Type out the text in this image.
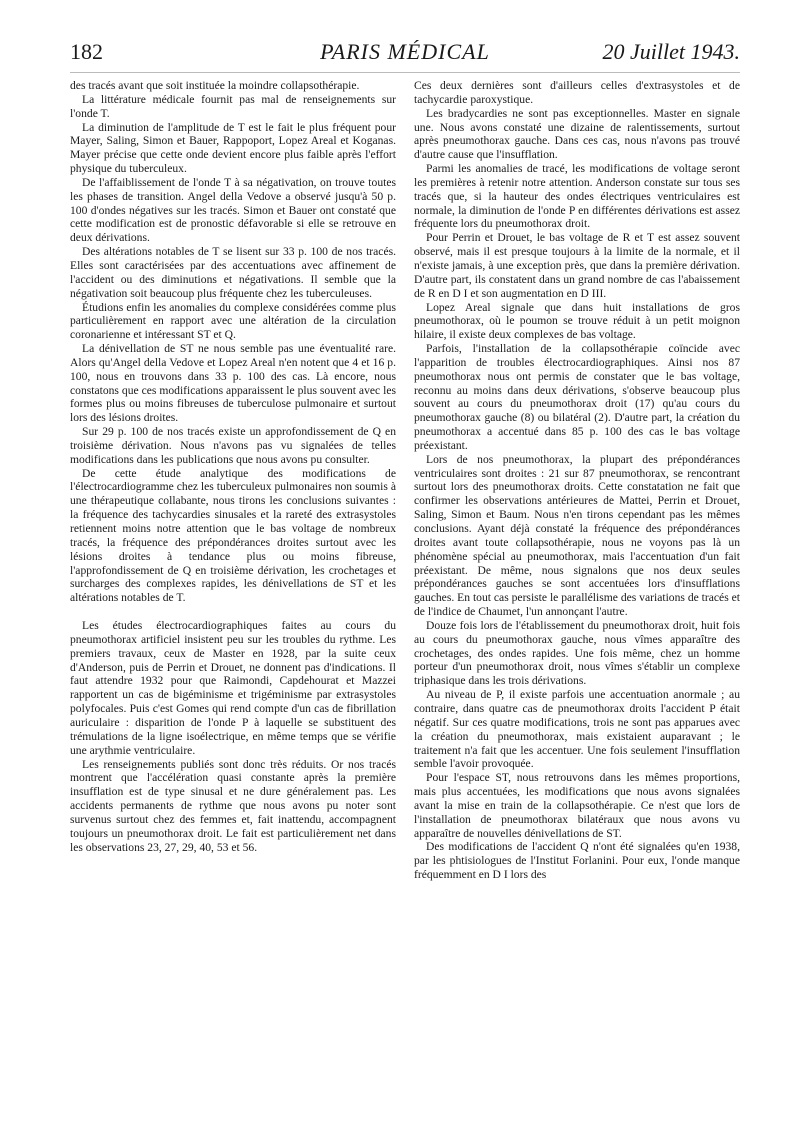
182	PARIS MÉDICAL	20 Juillet 1943.

des tracés avant que soit instituée la moindre collapsothérapie.

La littérature médicale fournit pas mal de renseignements sur l'onde T.

La diminution de l'amplitude de T est le fait le plus fréquent pour Mayer, Saling, Simon et Bauer, Rappoport, Lopez Areal et Koganas. Mayer précise que cette onde devient encore plus faible après l'effort physique du tuberculeux.

De l'affaiblissement de l'onde T à sa négativation, on trouve toutes les phases de transition. Angel della Vedove a observé jusqu'à 50 p. 100 d'ondes négatives sur les tracés. Simon et Bauer ont constaté que cette modification est de pronostic défavorable si elle se retrouve en deux dérivations.

Des altérations notables de T se lisent sur 33 p. 100 de nos tracés. Elles sont caractérisées par des accentuations avec affinement de l'accident ou des diminutions et négativations. Il semble que la négativation soit beaucoup plus fréquente chez les tuberculeuses.

Étudions enfin les anomalies du complexe considérées comme plus particulièrement en rapport avec une altération de la circulation coronarienne et intéressant ST et Q.

La dénivellation de ST ne nous semble pas une éventualité rare. Alors qu'Angel della Vedove et Lopez Areal n'en notent que 4 et 16 p. 100, nous en trouvons dans 33 p. 100 des cas. Là encore, nous constatons que ces modifications apparaissent le plus souvent avec les formes plus ou moins fibreuses de tuberculose pulmonaire et surtout lors des lésions droites.

Sur 29 p. 100 de nos tracés existe un approfondissement de Q en troisième dérivation. Nous n'avons pas vu signalées de telles modifications dans les publications que nous avons pu consulter.

De cette étude analytique des modifications de l'électrocardiogramme chez les tuberculeux pulmonaires non soumis à une thérapeutique collabante, nous tirons les conclusions suivantes : la fréquence des tachycardies sinusales et la rareté des extrasystoles retiennent moins notre attention que le bas voltage de nombreux tracés, la fréquence des prépondérances droites surtout avec les lésions droites à tendance plus ou moins fibreuse, l'approfondissement de Q en troisième dérivation, les crochetages et surcharges des complexes rapides, les dénivellations de ST et les altérations notables de T.

Les études électrocardiographiques faites au cours du pneumothorax artificiel insistent peu sur les troubles du rythme. Les premiers travaux, ceux de Master en 1928, par la suite ceux d'Anderson, puis de Perrin et Drouet, ne donnent pas d'indications. Il faut attendre 1932 pour que Raimondi, Capdehourat et Mazzei rapportent un cas de bigéminisme et trigéminisme par extrasystoles polyfocales. Puis c'est Gomes qui rend compte d'un cas de fibrillation auriculaire : disparition de l'onde P à laquelle se substituent des trémulations de la ligne isoélectrique, en même temps que se vérifie une arythmie ventriculaire.

Les renseignements publiés sont donc très réduits. Or nos tracés montrent que l'accélération quasi constante après la première insufflation est de type sinusal et ne dure généralement pas. Les accidents permanents de rythme que nous avons pu noter sont survenus surtout chez des femmes et, fait inattendu, accompagnent toujours un pneumothorax droit. Le fait est particulièrement net dans les observations 23, 27, 29, 40, 53 et 56.

Ces deux dernières sont d'ailleurs celles d'extrasystoles et de tachycardie paroxystique.

Les bradycardies ne sont pas exceptionnelles. Master en signale une. Nous avons constaté une dizaine de ralentissements, surtout après pneumothorax gauche. Dans ces cas, nous n'avons pas trouvé d'autre cause que l'insufflation.

Parmi les anomalies de tracé, les modifications de voltage seront les premières à retenir notre attention. Anderson constate sur tous ses tracés que, si la hauteur des ondes électriques ventriculaires est normale, la diminution de l'onde P en différentes dérivations est assez fréquente lors du pneumothorax droit.

Pour Perrin et Drouet, le bas voltage de R et T est assez souvent observé, mais il est presque toujours à la limite de la normale, et il n'existe jamais, à une exception près, que dans la première dérivation. D'autre part, ils constatent dans un grand nombre de cas l'abaissement de R en D I et son augmentation en D III.

Lopez Areal signale que dans huit installations de gros pneumothorax, où le poumon se trouve réduit à un petit moignon hilaire, il existe deux complexes de bas voltage.

Parfois, l'installation de la collapsothérapie coïncide avec l'apparition de troubles électrocardiographiques. Ainsi nos 87 pneumothorax nous ont permis de constater que le bas voltage, reconnu au moins dans deux dérivations, s'observe beaucoup plus souvent au cours du pneumothorax droit (17) qu'au cours du pneumothorax gauche (8) ou bilatéral (2). D'autre part, la création du pneumothorax a accentué dans 85 p. 100 des cas le bas voltage préexistant.

Lors de nos pneumothorax, la plupart des prépondérances ventriculaires sont droites : 21 sur 87 pneumothorax, se rencontrant surtout lors des pneumothorax droits. Cette constatation ne fait que confirmer les observations antérieures de Mattei, Perrin et Drouet, Saling, Simon et Baum. Nous n'en tirons cependant pas les mêmes conclusions. Ayant déjà constaté la fréquence des prépondérances droites avant toute collapsothérapie, nous ne voyons pas là un phénomène spécial au pneumothorax, mais l'accentuation d'un fait préexistant. De même, nous signalons que nos deux seules prépondérances gauches se sont accentuées lors d'insufflations gauches. En tout cas persiste le parallélisme des variations de tracés et de l'indice de Chaumet, l'un annonçant l'autre.

Douze fois lors de l'établissement du pneumothorax droit, huit fois au cours du pneumothorax gauche, nous vîmes apparaître des crochetages, des ondes rapides. Une fois même, chez un homme porteur d'un pneumothorax droit, nous vîmes s'établir un complexe triphasique dans les trois dérivations.

Au niveau de P, il existe parfois une accentuation anormale ; au contraire, dans quatre cas de pneumothorax droits l'accident P était négatif. Sur ces quatre modifications, trois ne sont pas apparues avec la création du pneumothorax, mais existaient auparavant ; le traitement n'a fait que les accentuer. Une fois seulement l'insufflation semble l'avoir provoquée.

Pour l'espace ST, nous retrouvons dans les mêmes proportions, mais plus accentuées, les modifications que nous avons signalées avant la mise en train de la collapsothérapie. Ce n'est que lors de l'installation de pneumothorax bilatéraux que nous avons vu apparaître de nouvelles dénivellations de ST.

Des modifications de l'accident Q n'ont été signalées qu'en 1938, par les phtisiologues de l'Institut Forlanini. Pour eux, l'onde manque fréquemment en D I lors des
